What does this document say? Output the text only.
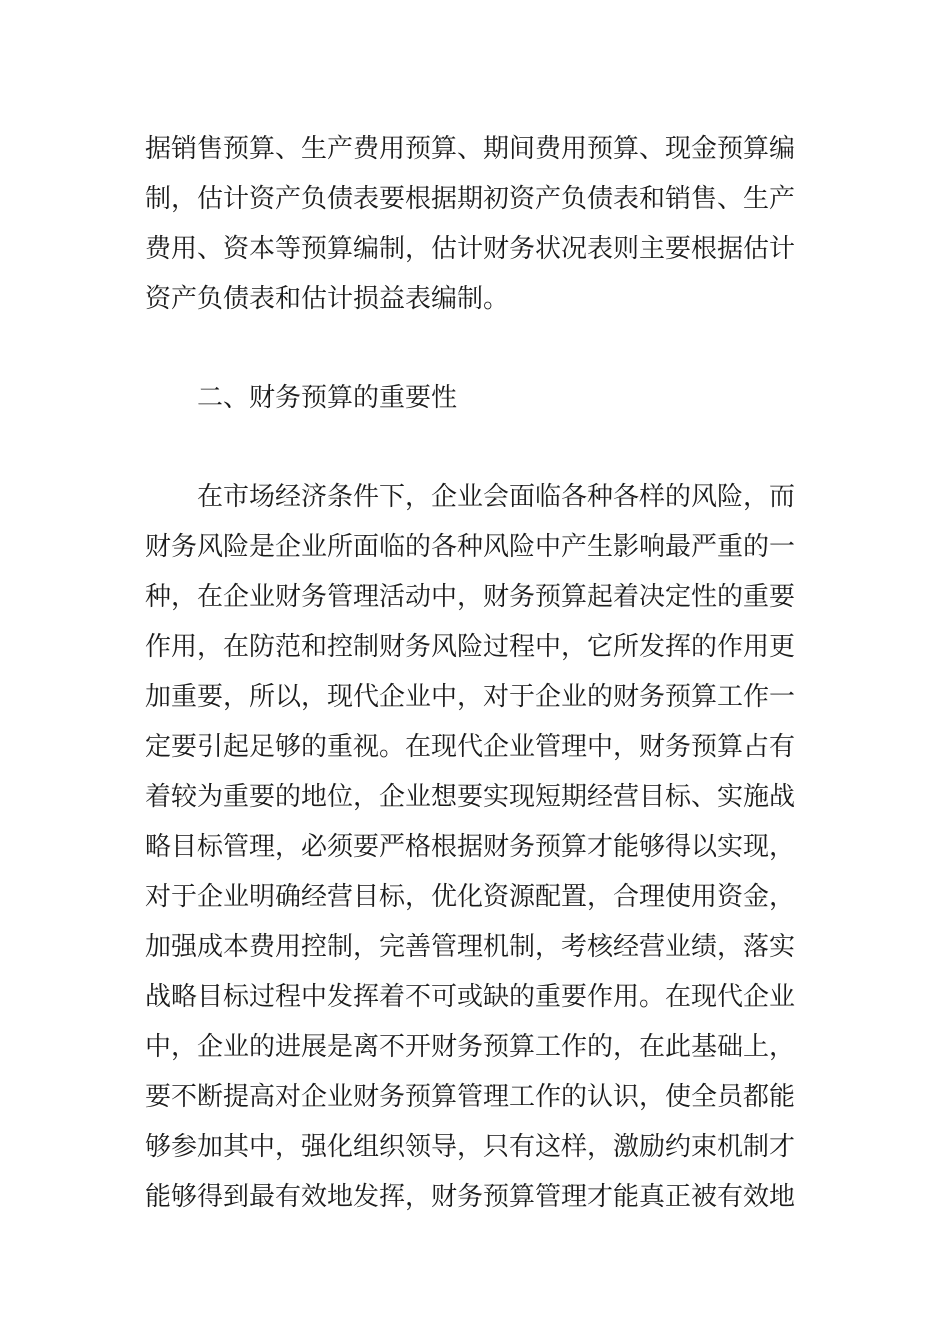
据销售预算、生产费用预算、期间费用预算、现金预算编

制，估计资产负债表要根据期初资产负债表和销售、生产

费用、资本等预算编制，估计财务状况表则主要根据估计

资产负债表和估计损益表编制。

二、财务预算的重要性

在市场经济条件下，企业会面临各种各样的风险，而

财务风险是企业所面临的各种风险中产生影响最严重的一

种，在企业财务管理活动中，财务预算起着决定性的重要

作用，在防范和控制财务风险过程中，它所发挥的作用更

加重要，所以，现代企业中，对于企业的财务预算工作一

定要引起足够的重视。在现代企业管理中，财务预算占有

着较为重要的地位，企业想要实现短期经营目标、实施战

略目标管理，必须要严格根据财务预算才能够得以实现，

对于企业明确经营目标，优化资源配置，合理使用资金，

加强成本费用控制，完善管理机制，考核经营业绩，落实

战略目标过程中发挥着不可或缺的重要作用。在现代企业

中，企业的进展是离不开财务预算工作的，在此基础上，

要不断提高对企业财务预算管理工作的认识，使全员都能

够参加其中，强化组织领导，只有这样，激励约束机制才

能够得到最有效地发挥，财务预算管理才能真正被有效地
